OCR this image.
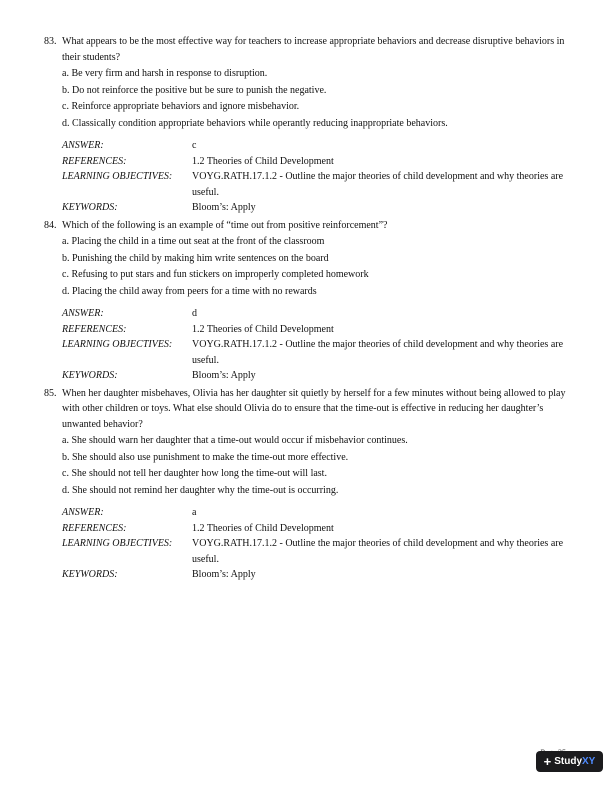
83. What appears to be the most effective way for teachers to increase appropriate behaviors and decrease disruptive behaviors in their students?
a. Be very firm and harsh in response to disruption.
b. Do not reinforce the positive but be sure to punish the negative.
c. Reinforce appropriate behaviors and ignore misbehavior.
d. Classically condition appropriate behaviors while operantly reducing inappropriate behaviors.
ANSWER:	c
REFERENCES:	1.2 Theories of Child Development
LEARNING OBJECTIVES:	VOYG.RATH.17.1.2 - Outline the major theories of child development and why theories are useful.
KEYWORDS:	Bloom’s: Apply
84. Which of the following is an example of “time out from positive reinforcement”?
a. Placing the child in a time out seat at the front of the classroom
b. Punishing the child by making him write sentences on the board
c. Refusing to put stars and fun stickers on improperly completed homework
d. Placing the child away from peers for a time with no rewards
ANSWER:	d
REFERENCES:	1.2 Theories of Child Development
LEARNING OBJECTIVES:	VOYG.RATH.17.1.2 - Outline the major theories of child development and why theories are useful.
KEYWORDS:	Bloom’s: Apply
85. When her daughter misbehaves, Olivia has her daughter sit quietly by herself for a few minutes without being allowed to play with other children or toys. What else should Olivia do to ensure that the time-out is effective in reducing her daughter’s unwanted behavior?
a. She should warn her daughter that a time-out would occur if misbehavior continues.
b. She should also use punishment to make the time-out more effective.
c. She should not tell her daughter how long the time-out will last.
d. She should not remind her daughter why the time-out is occurring.
ANSWER:	a
REFERENCES:	1.2 Theories of Child Development
LEARNING OBJECTIVES:	VOYG.RATH.17.1.2 - Outline the major theories of child development and why theories are useful.
KEYWORDS:	Bloom’s: Apply
+ Study XY
